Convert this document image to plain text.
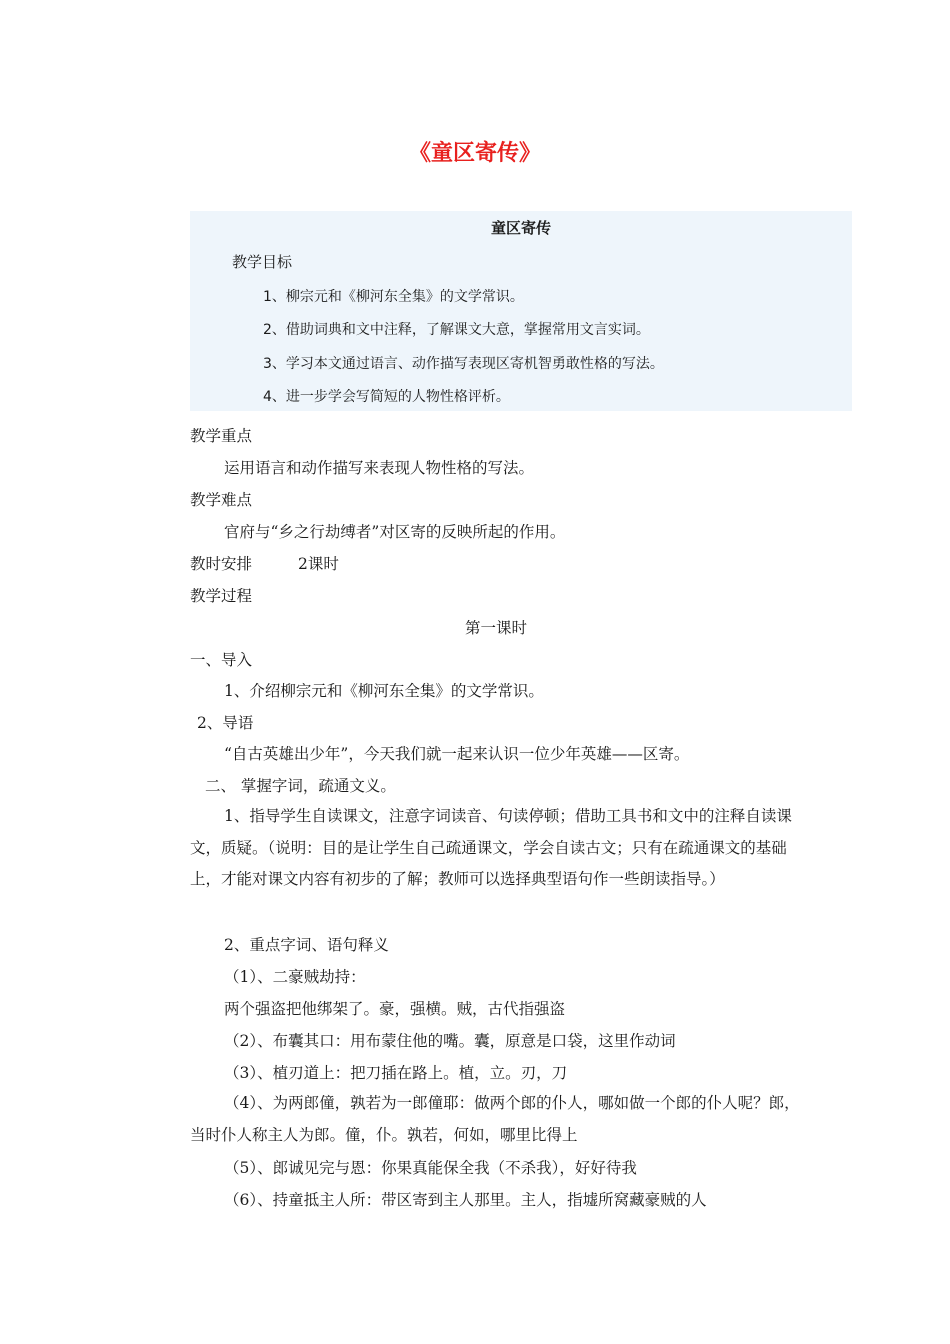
《童区寄传》
童区寄传
教学目标
1、柳宗元和《柳河东全集》的文学常识。
2、借助词典和文中注释，了解课文大意，掌握常用文言实词。
3、学习本文通过语言、动作描写表现区寄机智勇敢性格的写法。
4、进一步学会写简短的人物性格评析。
教学重点
运用语言和动作描写来表现人物性格的写法。
教学难点
官府与“乡之行劫缚者”对区寄的反映所起的作用。
教时安排	2课时
教学过程
第一课时
一、导入
1、介绍柳宗元和《柳河东全集》的文学常识。
2、导语
“自古英雄出少年”，今天我们就一起来认识一位少年英雄——区寄。
二、 掌握字词，疏通文义。
1、指导学生自读课文，注意字词读音、句读停顿；借助工具书和文中的注释自读课文，质疑。（说明：目的是让学生自己疏通课文，学会自读古文；只有在疏通课文的基础上，才能对课文内容有初步的了解；教师可以选择典型语句作一些朗读指导。）
2、重点字词、语句释义
（1）、二豪贼劫持：
两个强盗把他绑架了。豪，强横。贼，古代指强盗
（2）、布囊其口：用布蒙住他的嘴。囊，原意是口袋，这里作动词
（3）、植刃道上：把刀插在路上。植，立。刃，刀
（4）、为两郎僮，孰若为一郎僮耶：做两个郎的仆人，哪如做一个郎的仆人呢？郎，当时仆人称主人为郎。僮，仆。孰若，何如，哪里比得上
（5）、郎诚见完与恩：你果真能保全我（不杀我），好好待我
（6）、持童抵主人所：带区寄到主人那里。主人，指墟所窝藏豪贼的人
